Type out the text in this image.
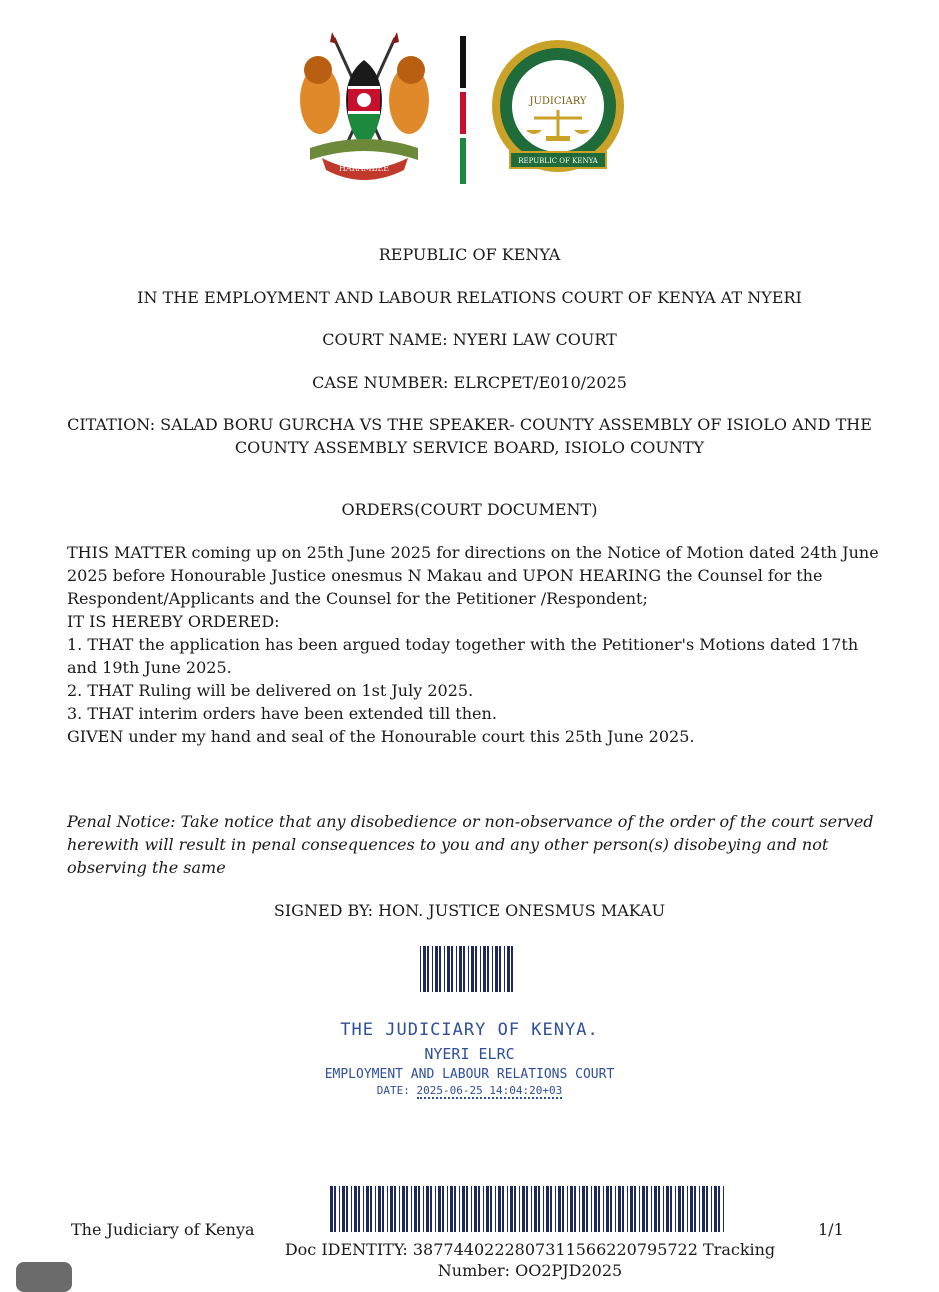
HARAMBEE
JUDICIARY
REPUBLIC OF KENYA
REPUBLIC OF KENYA
IN THE EMPLOYMENT AND LABOUR RELATIONS COURT OF KENYA AT NYERI
COURT NAME: NYERI LAW COURT
CASE NUMBER: ELRCPET/E010/2025
CITATION: SALAD BORU GURCHA VS THE SPEAKER- COUNTY ASSEMBLY OF ISIOLO AND THE
COUNTY ASSEMBLY SERVICE BOARD, ISIOLO COUNTY
ORDERS(COURT DOCUMENT)
THIS MATTER coming up on 25th June 2025 for directions on the Notice of Motion dated 24th June
2025 before Honourable Justice onesmus N Makau and UPON HEARING the Counsel for the
Respondent/Applicants and the Counsel for the Petitioner /Respondent;
IT IS HEREBY ORDERED:
1. THAT the application has been argued today together with the Petitioner's Motions dated 17th
and 19th June 2025.
2. THAT Ruling will be delivered on 1st July 2025.
3. THAT interim orders have been extended till then.
GIVEN under my hand and seal of the Honourable court this 25th June 2025.
Penal Notice: Take notice that any disobedience or non-observance of the order of the court served
herewith will result in penal consequences to you and any other person(s) disobeying and not
observing the same
SIGNED BY: HON. JUSTICE ONESMUS MAKAU
THE JUDICIARY OF KENYA.
NYERI ELRC
EMPLOYMENT AND LABOUR RELATIONS COURT
DATE: 2025-06-25 14:04:20+03
The Judiciary of Kenya	1/1
Doc IDENTITY: 3877440222807311566220795722 Tracking
Number: OO2PJD2025
